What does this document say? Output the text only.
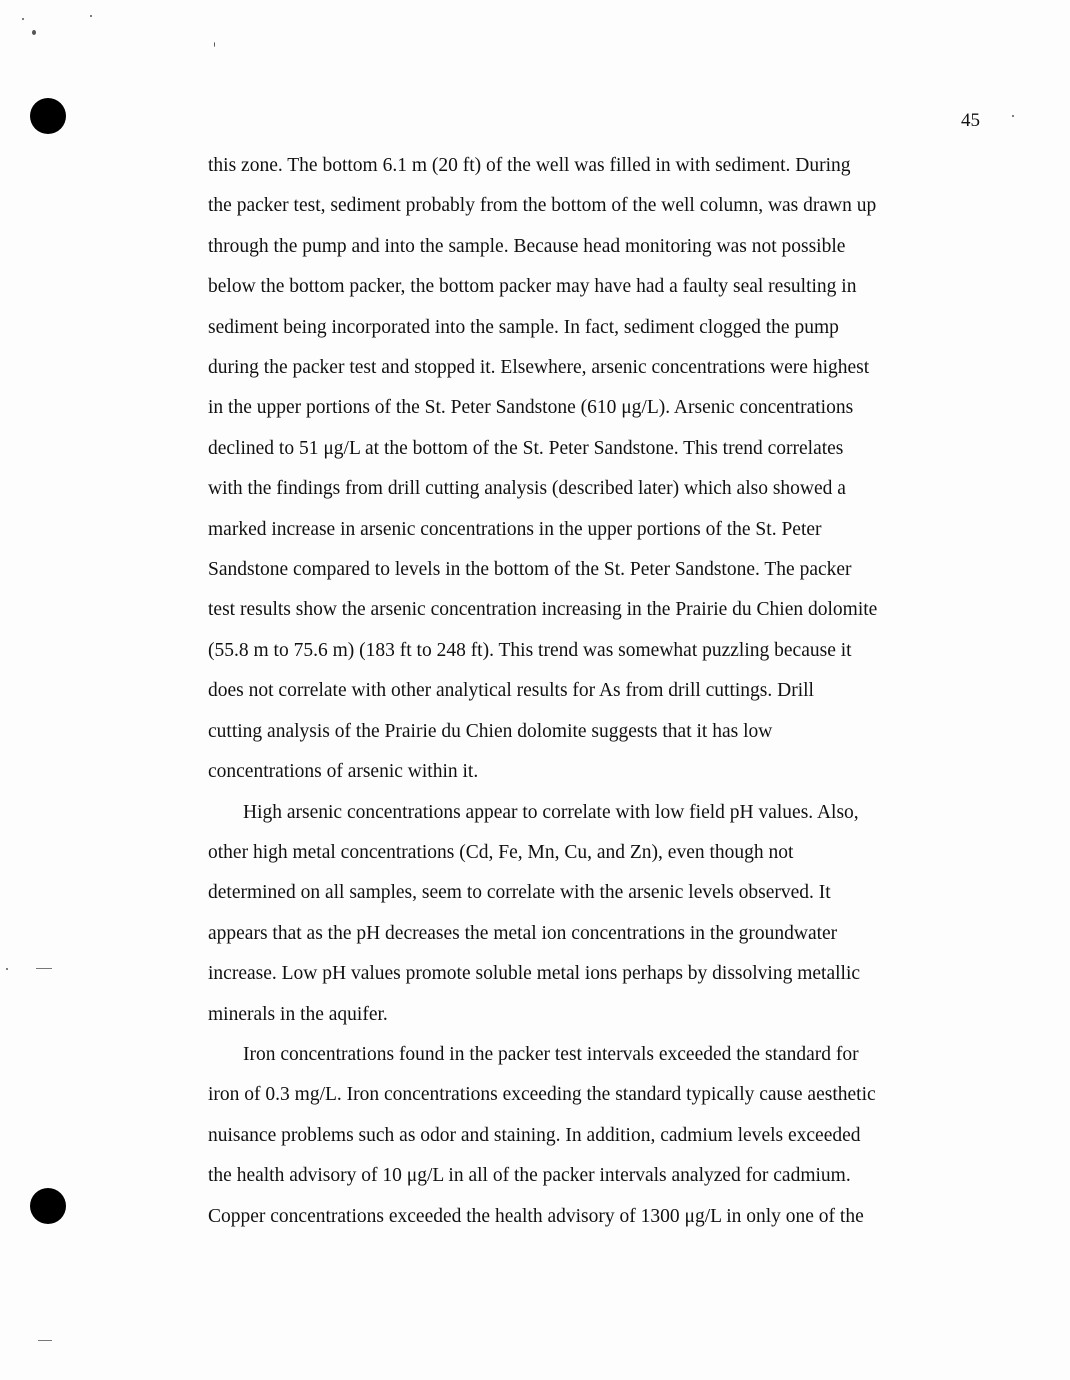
45

this zone. The bottom 6.1 m (20 ft) of the well was filled in with sediment. During
the packer test, sediment probably from the bottom of the well column, was drawn up
through the pump and into the sample. Because head monitoring was not possible
below the bottom packer, the bottom packer may have had a faulty seal resulting in
sediment being incorporated into the sample. In fact, sediment clogged the pump
during the packer test and stopped it. Elsewhere, arsenic concentrations were highest
in the upper portions of the St. Peter Sandstone (610 μg/L). Arsenic concentrations
declined to 51 μg/L at the bottom of the St. Peter Sandstone. This trend correlates
with the findings from drill cutting analysis (described later) which also showed a
marked increase in arsenic concentrations in the upper portions of the St. Peter
Sandstone compared to levels in the bottom of the St. Peter Sandstone. The packer
test results show the arsenic concentration increasing in the Prairie du Chien dolomite
(55.8 m to 75.6 m) (183 ft to 248 ft). This trend was somewhat puzzling because it
does not correlate with other analytical results for As from drill cuttings. Drill
cutting analysis of the Prairie du Chien dolomite suggests that it has low
concentrations of arsenic within it.

High arsenic concentrations appear to correlate with low field pH values. Also,
other high metal concentrations (Cd, Fe, Mn, Cu, and Zn), even though not
determined on all samples, seem to correlate with the arsenic levels observed. It
appears that as the pH decreases the metal ion concentrations in the groundwater
increase. Low pH values promote soluble metal ions perhaps by dissolving metallic
minerals in the aquifer.

Iron concentrations found in the packer test intervals exceeded the standard for
iron of 0.3 mg/L. Iron concentrations exceeding the standard typically cause aesthetic
nuisance problems such as odor and staining. In addition, cadmium levels exceeded
the health advisory of 10 μg/L in all of the packer intervals analyzed for cadmium.
Copper concentrations exceeded the health advisory of 1300 μg/L in only one of the
